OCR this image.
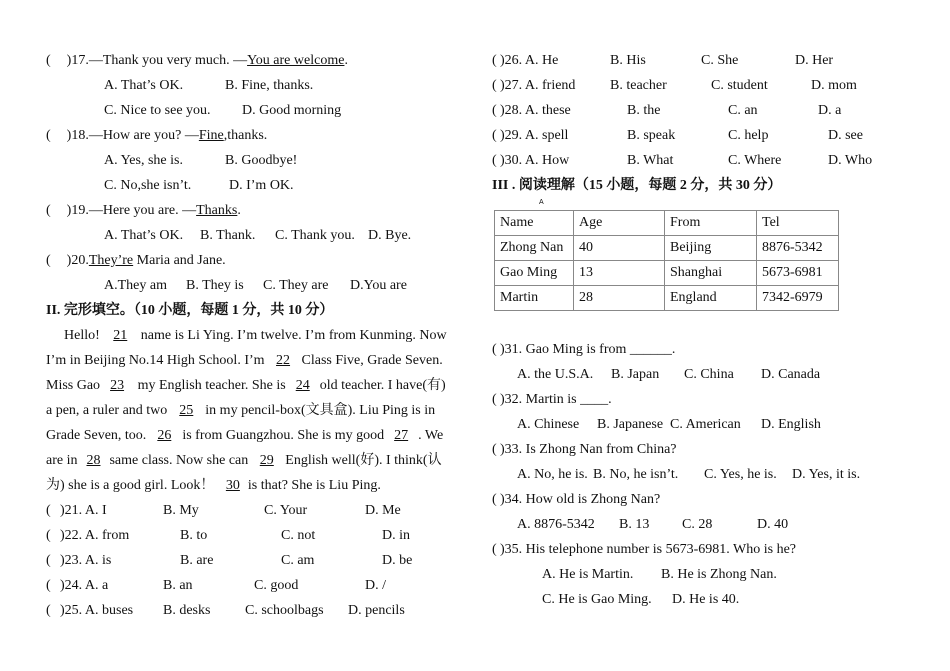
( )17.—Thank you very much. —You are welcome.
A. That’s OK.	B. Fine, thanks.
C. Nice to see you. D. Good morning
( )18.—How are you? —Fine,thanks.
A. Yes, she is.	B. Goodbye!
C. No,she isn’t.	D. I’m OK.
( )19.—Here you are. —Thanks.
A. That’s OK. B. Thank. C. Thank you. D. Bye.
( )20.They’re Maria and Jane.
A.They am B. They is C. They are D.You are
II. 完形填空。（10 小题，每题 1 分，共 10 分）
Hello! 21 name is Li Ying. I’m twelve. I’m from Kunming. Now
I’m in Beijing No.14 High School. I’m 22 Class Five, Grade Seven.
Miss Gao 23 my English teacher. She is 24 old teacher. I have(有)
a pen, a ruler and two 25 in my pencil-box(文具盒). Liu Ping is in
Grade Seven, too. 26 is from Guangzhou. She is my good 27 . We
are in 28 same class. Now she can 29 English well(好). I think(认
为) she is a good girl. Look！ 30 is that? She is Liu Ping.
( )21. A. I	B. My	C. Your	D. Me
( )22. A. from	B. to	C. not	D. in
( )23. A. is	B. are	C. am	D. be
( )24. A. a	B. an	C. good	D. /
( )25. A. buses B. desks C. schoolbags D. pencils
( )26. A. He	B. His	C. She	D. Her
( )27. A. friend B. teacher	C. student	D. mom
( )28. A. these	B. the	C. an	D. a
( )29. A. spell	B. speak	C. help	D. see
( )30. A. How	B. What	C. Where	D. Who
III . 阅读理解（15 小题，每题 2 分，共 30 分）
A
Name	Age	From	Tel
Zhong Nan	40	Beijing	8876-5342
Gao Ming	13	Shanghai	5673-6981
Martin	28	England	7342-6979
( )31. Gao Ming is from ______.
A. the U.S.A. B. Japan C. China D. Canada
( )32. Martin is ____.
A. Chinese B. Japanese C. American D. English
( )33. Is Zhong Nan from China?
A. No, he is. B. No, he isn’t. C. Yes, he is. D. Yes, it is.
( )34. How old is Zhong Nan?
A. 8876-5342 B. 13 C. 28	D. 40
( )35. His telephone number is 5673-6981. Who is he?
A. He is Martin. B. He is Zhong Nan.
C. He is Gao Ming. D. He is 40.
